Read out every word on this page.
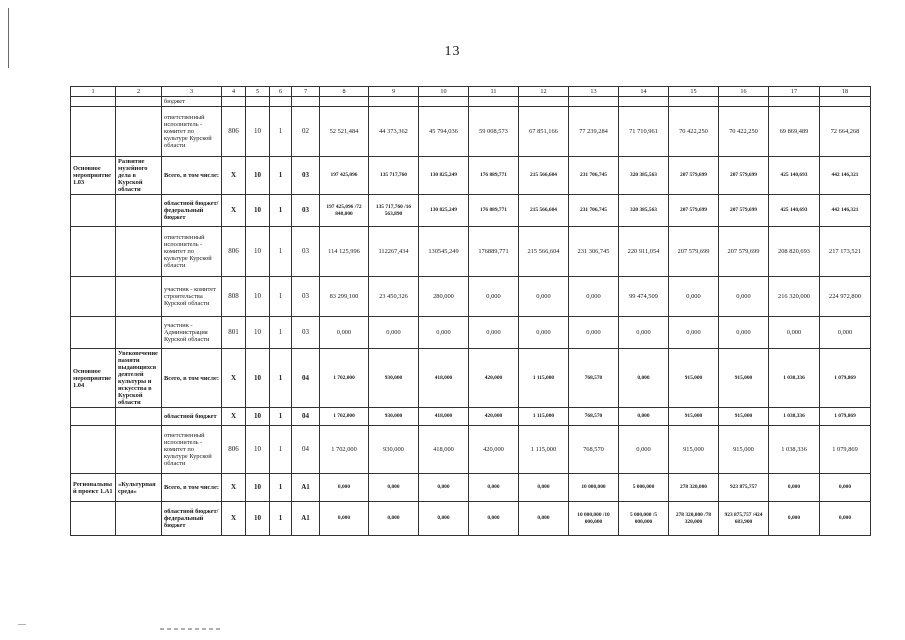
13
1	2	3	4	5	6	7	8	9	10	11	12	13	14	15	16	17	18
		бюджет															
		ответственный исполнитель - комитет по культуре Курской области	806	10	1	02	52 521,484	44 373,362	45 794,036	59 008,573	67 851,166	77 239,284	71 710,961	70 422,250	70 422,250	69 869,489	72 664,268
Основное мероприятие 1.03	Развитие музейного дела в Курской области	Всего, в том числе:	Х	10	1	03	197 425,096	135 717,760	130 825,249	176 889,771	215 566,604	231 706,745	320 385,563	207 579,699	207 579,699	425 140,693	442 146,321
		областной бюджет/ федеральный бюджет	Х	10	1	03	197 425,096 /72 840,000	135 717,760 /16 563,890	130 825,249	176 889,771	215 566,604	231 706,745	320 385,563	207 579,699	207 579,699	425 140,693	442 146,321
		ответственный исполнитель - комитет по культуре Курской области	806	10	1	03	114 125,996	112267,434	130545,249	176889,771	215 566,604	231 306,745	220 911,054	207 579,699	207 579,699	208 820,693	217 173,521
		участник - комитет строительства Курской области	808	10	1	03	83 299,100	23 450,326	280,000	0,000	0,000	0,000	99 474,509	0,000	0,000	216 320,000	224 972,800
		участник - Администрация Курской области	801	10	1	03	0,000	0,000	0,000	0,000	0,000	0,000	0,000	0,000	0,000	0,000	0,000
Основное мероприятие 1.04	Увековечение памяти выдающихся деятелей культуры и искусства в Курской области	Всего, в том числе:	Х	10	1	04	1 702,000	930,000	418,000	420,000	1 115,000	768,570	0,000	915,000	915,000	1 038,336	1 079,869
		областной бюджет	Х	10	1	04	1 702,000	930,000	418,000	420,000	1 115,000	768,570	0,000	915,000	915,000	1 038,336	1 079,869
		ответственный исполнитель - комитет по культуре Курской области	806	10	1	04	1 702,000	930,000	418,000	420,000	1 115,000	768,570	0,000	915,000	915,000	1 038,336	1 079,869
Региональный проект 1.А1	«Культурная среда»	Всего, в том числе:	Х	10	1	А1	0,000	0,000	0,000	0,000	0,000	10 000,000	5 000,000	278 320,000	923 875,757	0,000	0,000
		областной бюджет/ федеральный бюджет	Х	10	1	А1	0,000	0,000	0,000	0,000	0,000	10 000,000 /10 000,000	5 000,000 /5 000,000	278 320,000 /78 320,000	923 875,757 /424 683,900	0,000	0,000
